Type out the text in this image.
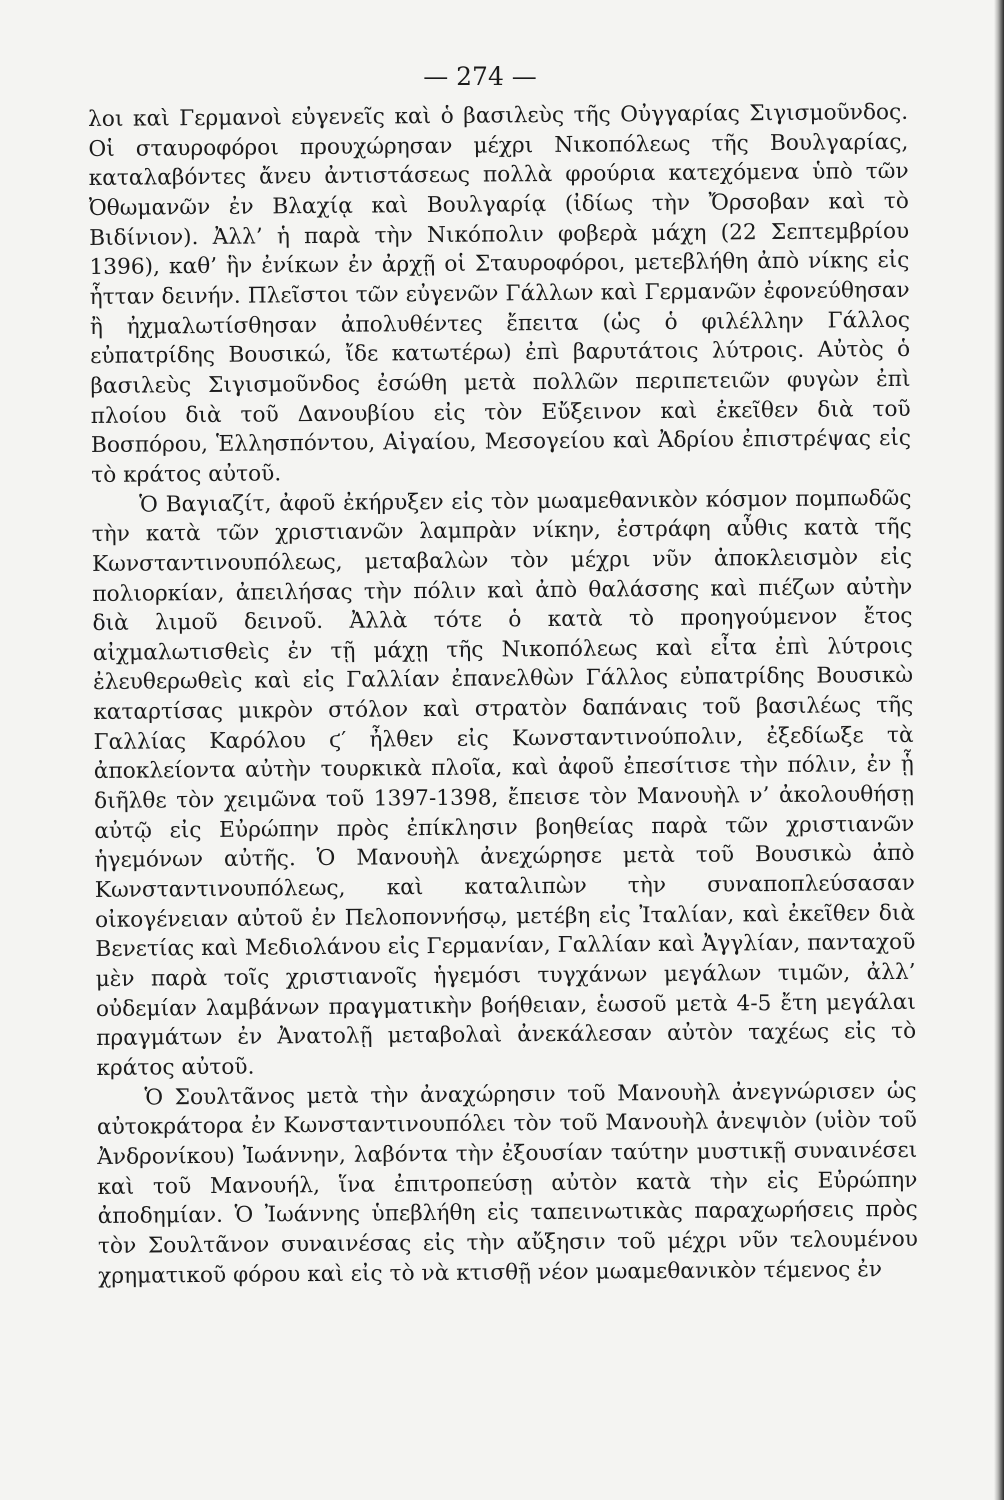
— 274 —

λοι καὶ Γερμανοὶ εὐγενεῖς καὶ ὁ βασιλεὺς τῆς Οὐγγαρίας Σιγισμοῦνδος. Οἱ σταυροφόροι προυχώρησαν μέχρι Νικοπόλεως τῆς Βουλγαρίας, καταλαβόντες ἄνευ ἀντιστάσεως πολλὰ φρούρια κατεχόμενα ὑπὸ τῶν Ὀθωμανῶν ἐν Βλαχίᾳ καὶ Βουλγαρίᾳ (ἰδίως τὴν Ὄρσοβαν καὶ τὸ Βιδίνιον). Ἀλλ’ ἡ παρὰ τὴν Νικόπολιν φοβερὰ μάχη (22 Σεπτεμβρίου 1396), καθ’ ἣν ἐνίκων ἐν ἀρχῇ οἱ Σταυροφόροι, μετεβλήθη ἀπὸ νίκης εἰς ἧτταν δεινήν. Πλεῖστοι τῶν εὐγενῶν Γάλλων καὶ Γερμανῶν ἐφονεύθησαν ἢ ἠχμαλωτίσθησαν ἀπολυθέντες ἔπειτα (ὡς ὁ φιλέλλην Γάλλος εὐπατρίδης Βουσικώ, ἴδε κατωτέρω) ἐπὶ βαρυτάτοις λύτροις. Αὐτὸς ὁ βασιλεὺς Σιγισμοῦνδος ἐσώθη μετὰ πολλῶν περιπετειῶν φυγὼν ἐπὶ πλοίου διὰ τοῦ Δανουβίου εἰς τὸν Εὔξεινον καὶ ἐκεῖθεν διὰ τοῦ Βοσπόρου, Ἑλλησπόντου, Αἰγαίου, Μεσογείου καὶ Ἀδρίου ἐπιστρέψας εἰς τὸ κράτος αὐτοῦ.

Ὁ Βαγιαζίτ, ἀφοῦ ἐκήρυξεν εἰς τὸν μωαμεθανικὸν κόσμον πομπωδῶς τὴν κατὰ τῶν χριστιανῶν λαμπρὰν νίκην, ἐστράφη αὖθις κατὰ τῆς Κωνσταντινουπόλεως, μεταβαλὼν τὸν μέχρι νῦν ἀποκλεισμὸν εἰς πολιορκίαν, ἀπειλήσας τὴν πόλιν καὶ ἀπὸ θαλάσσης καὶ πιέζων αὐτὴν διὰ λιμοῦ δεινοῦ. Ἀλλὰ τότε ὁ κατὰ τὸ προηγούμενον ἔτος αἰχμαλωτισθεὶς ἐν τῇ μάχῃ τῆς Νικοπόλεως καὶ εἶτα ἐπὶ λύτροις ἐλευθερωθεὶς καὶ εἰς Γαλλίαν ἐπανελθὼν Γάλλος εὐπατρίδης Βουσικὼ καταρτίσας μικρὸν στόλον καὶ στρατὸν δαπάναις τοῦ βασιλέως τῆς Γαλλίας Καρόλου ϛ′ ἦλθεν εἰς Κωνσταντινούπολιν, ἐξεδίωξε τὰ ἀποκλείοντα αὐτὴν τουρκικὰ πλοῖα, καὶ ἀφοῦ ἐπεσίτισε τὴν πόλιν, ἐν ᾗ διῆλθε τὸν χειμῶνα τοῦ 1397-1398, ἔπεισε τὸν Μανουὴλ ν’ ἀκολουθήσῃ αὐτῷ εἰς Εὐρώπην πρὸς ἐπίκλησιν βοηθείας παρὰ τῶν χριστιανῶν ἡγεμόνων αὐτῆς. Ὁ Μανουὴλ ἀνεχώρησε μετὰ τοῦ Βουσικὼ ἀπὸ Κωνσταντινουπόλεως, καὶ καταλιπὼν τὴν συναποπλεύσασαν οἰκογένειαν αὐτοῦ ἐν Πελοποννήσῳ, μετέβη εἰς Ἰταλίαν, καὶ ἐκεῖθεν διὰ Βενετίας καὶ Μεδιολάνου εἰς Γερμανίαν, Γαλλίαν καὶ Ἀγγλίαν, πανταχοῦ μὲν παρὰ τοῖς χριστιανοῖς ἡγεμόσι τυγχάνων μεγάλων τιμῶν, ἀλλ’ οὐδεμίαν λαμβάνων πραγματικὴν βοήθειαν, ἑωσοῦ μετὰ 4-5 ἔτη μεγάλαι πραγμάτων ἐν Ἀνατολῇ μεταβολαὶ ἀνεκάλεσαν αὐτὸν ταχέως εἰς τὸ κράτος αὐτοῦ.

Ὁ Σουλτᾶνος μετὰ τὴν ἀναχώρησιν τοῦ Μανουὴλ ἀνεγνώρισεν ὡς αὐτοκράτορα ἐν Κωνσταντινουπόλει τὸν τοῦ Μανουὴλ ἀνεψιὸν (υἱὸν τοῦ Ἀνδρονίκου) Ἰωάννην, λαβόντα τὴν ἐξουσίαν ταύτην μυστικῇ συναινέσει καὶ τοῦ Μανουήλ, ἵνα ἐπιτροπεύσῃ αὐτὸν κατὰ τὴν εἰς Εὐρώπην ἀποδημίαν. Ὁ Ἰωάννης ὑπεβλήθη εἰς ταπεινωτικὰς παραχωρήσεις πρὸς τὸν Σουλτᾶνον συναινέσας εἰς τὴν αὔξησιν τοῦ μέχρι νῦν τελουμένου χρηματικοῦ φόρου καὶ εἰς τὸ νὰ κτισθῇ νέον μωαμεθανικὸν τέμενος ἐν
